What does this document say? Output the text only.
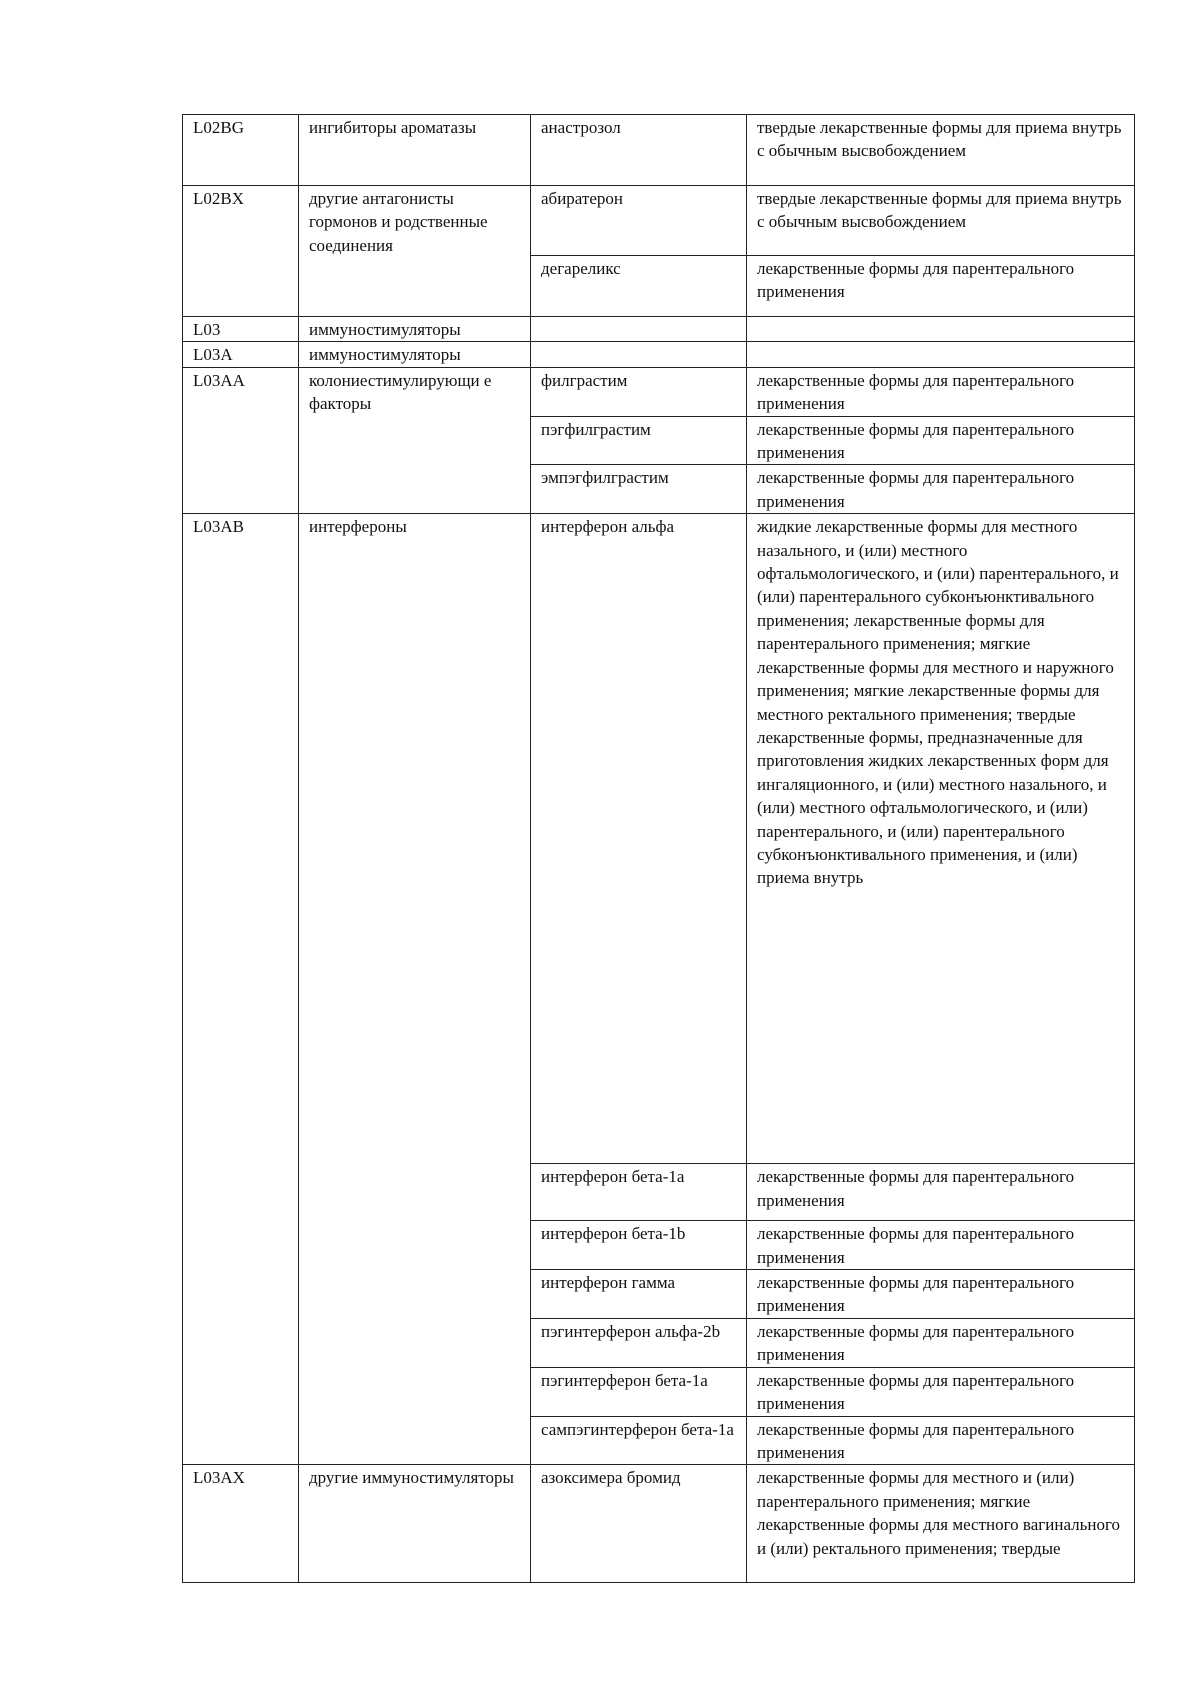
L02BG	ингибиторы ароматазы	анастрозол	твердые лекарственные формы для приема внутрь с обычным высвобождением
L02BX	другие антагонисты гормонов и родственные соединения	абиратерон	твердые лекарственные формы для приема внутрь с обычным высвобождением
		дегареликс	лекарственные формы для парентерального применения
L03	иммуностимуляторы		
L03A	иммуностимуляторы		
L03AA	колониестимулирующи е факторы	филграстим	лекарственные формы для парентерального применения
		пэгфилграстим	лекарственные формы для парентерального применения
		эмпэгфилграстим	лекарственные формы для парентерального применения
L03AB	интерфероны	интерферон альфа	жидкие лекарственные формы для местного назального, и (или) местного офтальмологического, и (или) парентерального, и (или) парентерального субконъюнктивального применения; лекарственные формы для парентерального применения; мягкие лекарственные формы для местного и наружного применения; мягкие лекарственные формы для местного ректального применения; твердые лекарственные формы, предназначенные для приготовления жидких лекарственных форм для ингаляционного, и (или) местного назального, и (или) местного офтальмологического, и (или) парентерального, и (или) парентерального субконъюнктивального применения, и (или) приема внутрь
		интерферон бета-1a	лекарственные формы для парентерального применения
		интерферон бета-1b	лекарственные формы для парентерального применения
		интерферон гамма	лекарственные формы для парентерального применения
		пэгинтерферон альфа-2b	лекарственные формы для парентерального применения
		пэгинтерферон бета-1a	лекарственные формы для парентерального применения
		сампэгинтерферон бета-1a	лекарственные формы для парентерального применения
L03AX	другие иммуностимуляторы	азоксимера бромид	лекарственные формы для местного и (или) парентерального применения; мягкие лекарственные формы для местного вагинального и (или) ректального применения; твердые
